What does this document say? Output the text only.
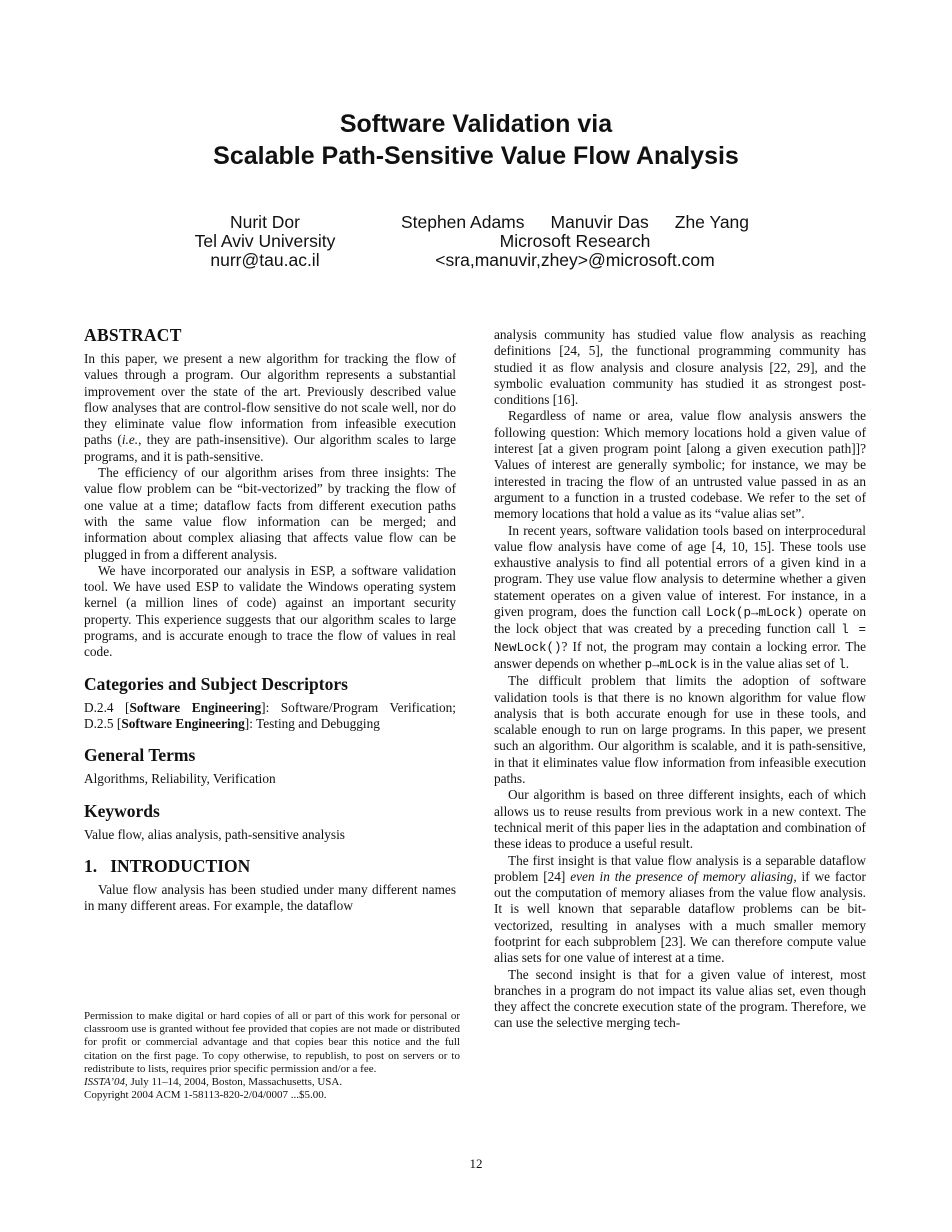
Software Validation via
Scalable Path-Sensitive Value Flow Analysis
Nurit Dor
Tel Aviv University
nurr@tau.ac.il
Stephen Adams Manuvir Das Zhe Yang
Microsoft Research
<sra,manuvir,zhey>@microsoft.com
ABSTRACT

In this paper, we present a new algorithm for tracking the flow of values through a program. Our algorithm represents a substantial improvement over the state of the art. Previously described value flow analyses that are control-flow sensitive do not scale well, nor do they eliminate value flow information from infeasible execution paths (i.e., they are path-insensitive). Our algorithm scales to large programs, and it is path-sensitive.

The efficiency of our algorithm arises from three insights: The value flow problem can be “bit-vectorized” by tracking the flow of one value at a time; dataflow facts from different execution paths with the same value flow information can be merged; and information about complex aliasing that affects value flow can be plugged in from a different analysis.

We have incorporated our analysis in ESP, a software validation tool. We have used ESP to validate the Windows operating system kernel (a million lines of code) against an important security property. This experience suggests that our algorithm scales to large programs, and is accurate enough to trace the flow of values in real code.

Categories and Subject Descriptors

D.2.4 [Software Engineering]: Software/Program Verification; D.2.5 [Software Engineering]: Testing and Debugging

General Terms

Algorithms, Reliability, Verification

Keywords

Value flow, alias analysis, path-sensitive analysis

1.   INTRODUCTION

Value flow analysis has been studied under many different names in many different areas. For example, the dataflow

Permission to make digital or hard copies of all or part of this work for personal or classroom use is granted without fee provided that copies are not made or distributed for profit or commercial advantage and that copies bear this notice and the full citation on the first page. To copy otherwise, to republish, to post on servers or to redistribute to lists, requires prior specific permission and/or a fee.

ISSTA’04, July 11–14, 2004, Boston, Massachusetts, USA.

Copyright 2004 ACM 1-58113-820-2/04/0007 ...$5.00.

analysis community has studied value flow analysis as reaching definitions [24, 5], the functional programming community has studied it as flow analysis and closure analysis [22, 29], and the symbolic evaluation community has studied it as strongest post-conditions [16].

Regardless of name or area, value flow analysis answers the following question: Which memory locations hold a given value of interest [at a given program point [along a given execution path]]? Values of interest are generally symbolic; for instance, we may be interested in tracing the flow of an untrusted value passed in as an argument to a function in a trusted codebase. We refer to the set of memory locations that hold a value as its “value alias set”.

In recent years, software validation tools based on interprocedural value flow analysis have come of age [4, 10, 15]. These tools use exhaustive analysis to find all potential errors of a given kind in a program. They use value flow analysis to determine whether a given statement operates on a given value of interest. For instance, in a given program, does the function call Lock(p→mLock) operate on the lock object that was created by a preceding function call l = NewLock()? If not, the program may contain a locking error. The answer depends on whether p→mLock is in the value alias set of l.

The difficult problem that limits the adoption of software validation tools is that there is no known algorithm for value flow analysis that is both accurate enough for use in these tools, and scalable enough to run on large programs. In this paper, we present such an algorithm. Our algorithm is scalable, and it is path-sensitive, in that it eliminates value flow information from infeasible execution paths.

Our algorithm is based on three different insights, each of which allows us to reuse results from previous work in a new context. The technical merit of this paper lies in the adaptation and combination of these ideas to produce a useful result.

The first insight is that value flow analysis is a separable dataflow problem [24] even in the presence of memory aliasing, if we factor out the computation of memory aliases from the value flow analysis. It is well known that separable dataflow problems can be bit-vectorized, resulting in analyses with a much smaller memory footprint for each subproblem [23]. We can therefore compute value alias sets for one value of interest at a time.

The second insight is that for a given value of interest, most branches in a program do not impact its value alias set, even though they affect the concrete execution state of the program. Therefore, we can use the selective merging tech-

12
